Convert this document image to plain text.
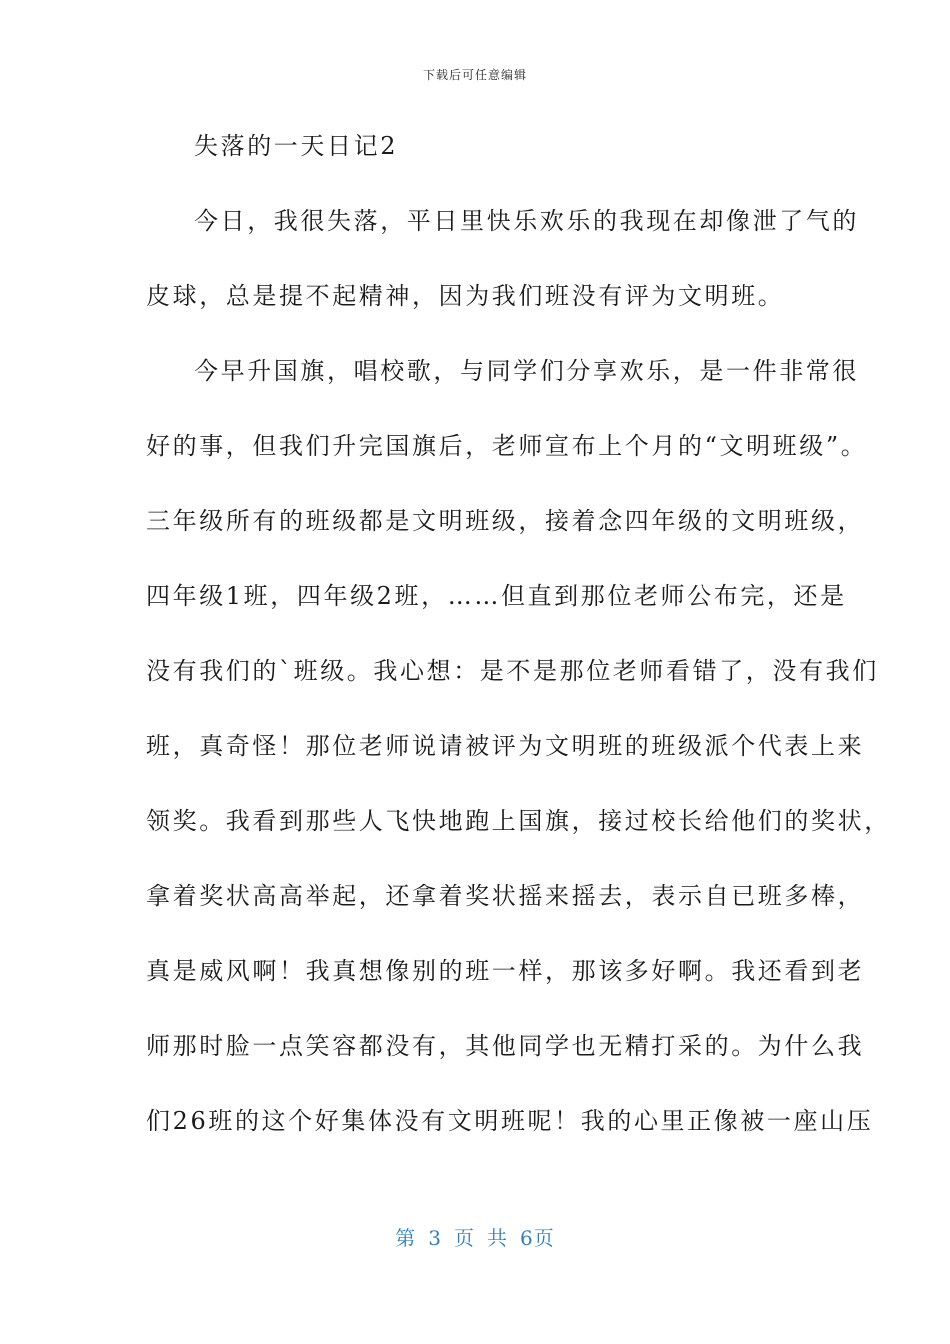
下载后可任意编辑
失落的一天日记2
今日，我很失落，平日里快乐欢乐的我现在却像泄了气的
皮球，总是提不起精神，因为我们班没有评为文明班。
今早升国旗，唱校歌，与同学们分享欢乐，是一件非常很
好的事，但我们升完国旗后，老师宣布上个月的“文明班级”。
三年级所有的班级都是文明班级，接着念四年级的文明班级，
四年级1班，四年级2班，……但直到那位老师公布完，还是
没有我们的`班级。我心想：是不是那位老师看错了，没有我们
班，真奇怪！那位老师说请被评为文明班的班级派个代表上来
领奖。我看到那些人飞快地跑上国旗，接过校长给他们的奖状，
拿着奖状高高举起，还拿着奖状摇来摇去，表示自已班多棒，
真是威风啊！我真想像别的班一样，那该多好啊。我还看到老
师那时脸一点笑容都没有，其他同学也无精打采的。为什么我
们26班的这个好集体没有文明班呢！我的心里正像被一座山压
第 3 页 共 6页
